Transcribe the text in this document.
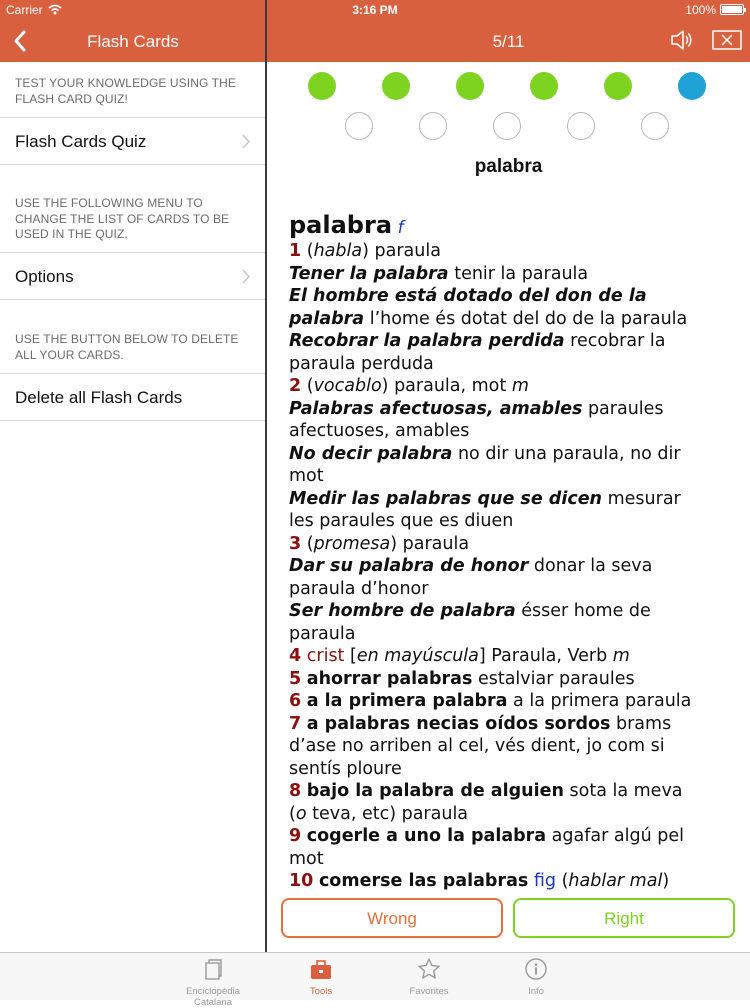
Carrier	3:16 PM	100%
Flash Cards	5/11
TEST YOUR KNOWLEDGE USING THE FLASH CARD QUIZ!
Flash Cards Quiz
USE THE FOLLOWING MENU TO CHANGE THE LIST OF CARDS TO BE USED IN THE QUIZ.
Options
USE THE BUTTON BELOW TO DELETE ALL YOUR CARDS.
Delete all Flash Cards
palabra
palabra f
1 (habla) paraula
Tener la palabra tenir la paraula
El hombre está dotado del don de la
palabra l’home és dotat del do de la paraula
Recobrar la palabra perdida recobrar la
paraula perduda
2 (vocablo) paraula, mot m
Palabras afectuosas, amables paraules
afectuoses, amables
No decir palabra no dir una paraula, no dir
mot
Medir las palabras que se dicen mesurar
les paraules que es diuen
3 (promesa) paraula
Dar su palabra de honor donar la seva
paraula d’honor
Ser hombre de palabra ésser home de
paraula
4 crist [en mayúscula] Paraula, Verb m
5 ahorrar palabras estalviar paraules
6 a la primera palabra a la primera paraula
7 a palabras necias oídos sordos brams
d’ase no arriben al cel, vés dient, jo com si
sentís ploure
8 bajo la palabra de alguien sota la meva
(o teva, etc) paraula
9 cogerle a uno la palabra agafar algú pel
mot
10 comerse las palabras fig (hablar mal)
Wrong	Right
Enciclopèdia Catalana
Tools	Favorites	Info
